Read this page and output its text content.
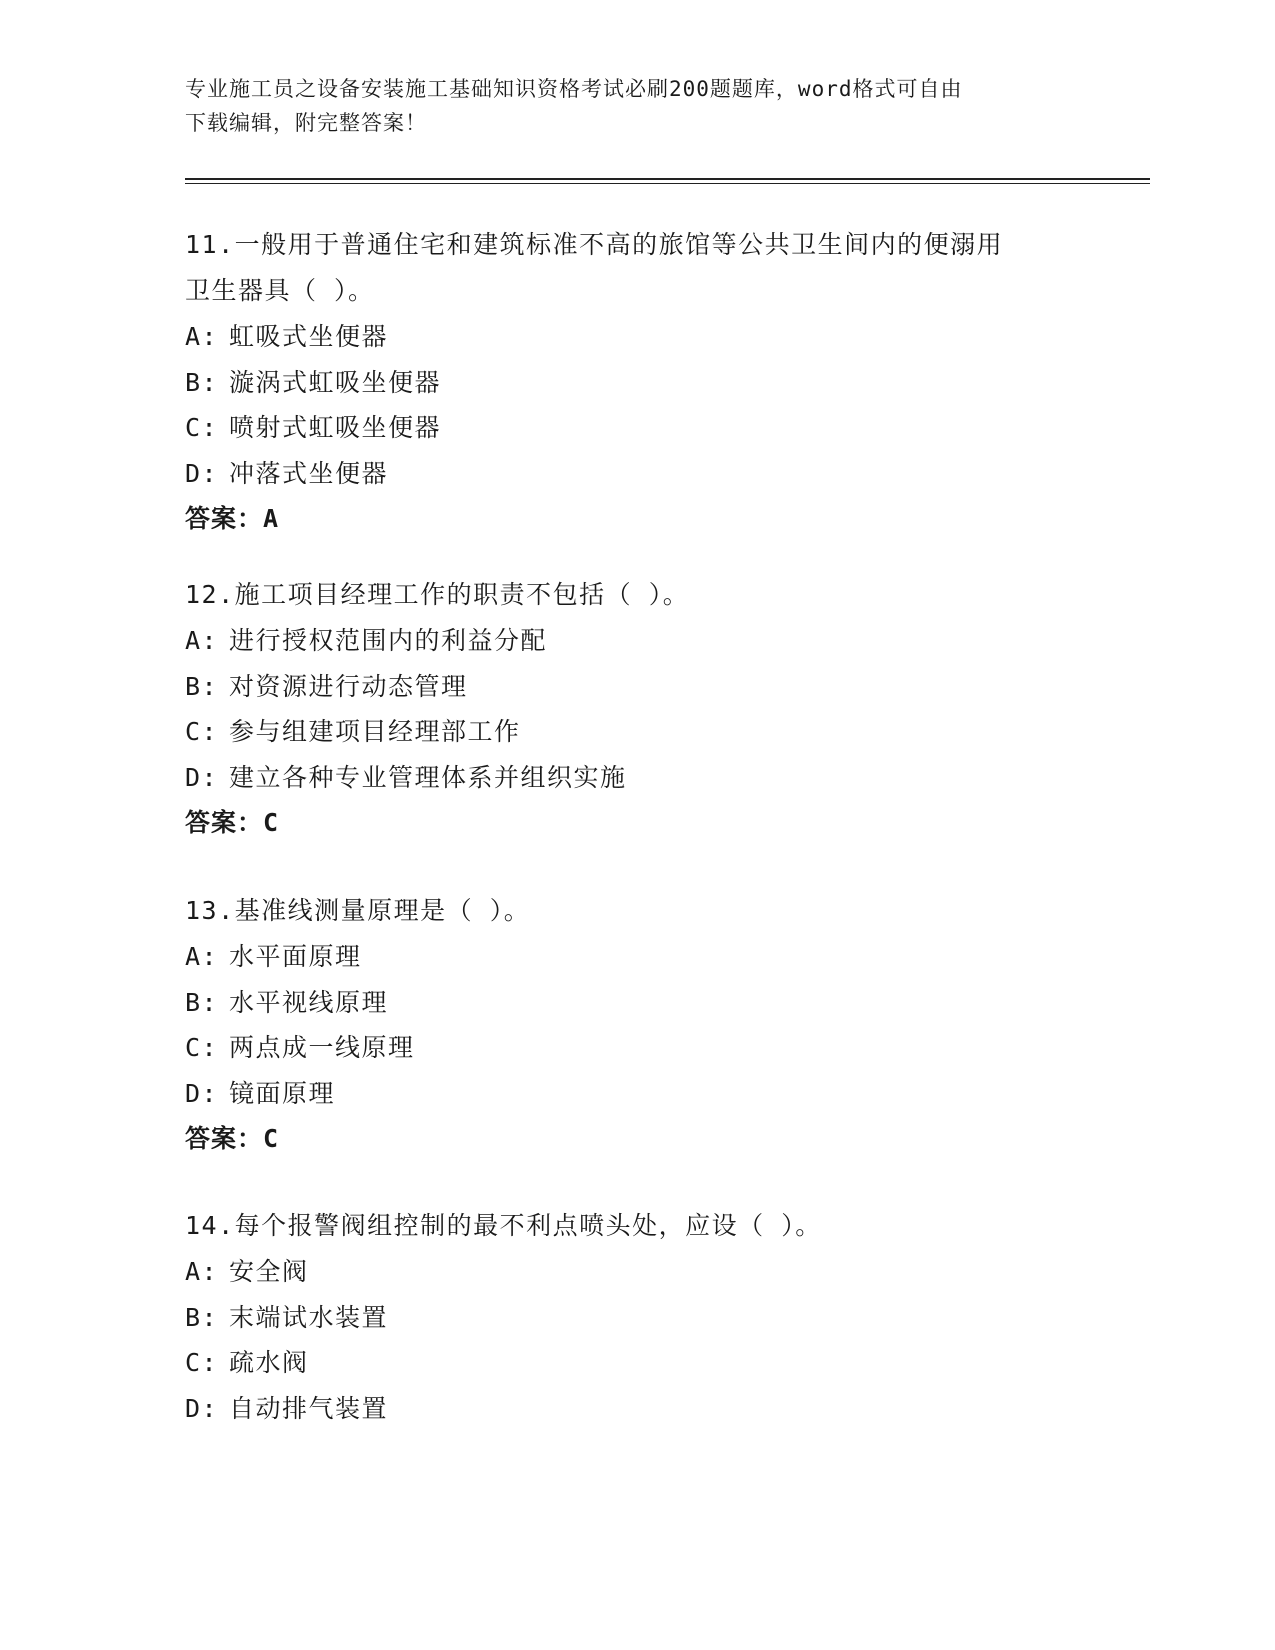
专业施工员之设备安装施工基础知识资格考试必刷200题题库，word格式可自由
下载编辑，附完整答案！

11.一般用于普通住宅和建筑标准不高的旅馆等公共卫生间内的便溺用

卫生器具（ ）。

A: 虹吸式坐便器

B: 漩涡式虹吸坐便器

C: 喷射式虹吸坐便器

D: 冲落式坐便器

答案：A

12.施工项目经理工作的职责不包括（ ）。

A: 进行授权范围内的利益分配

B: 对资源进行动态管理

C: 参与组建项目经理部工作

D: 建立各种专业管理体系并组织实施

答案：C

13.基准线测量原理是（ ）。

A: 水平面原理

B: 水平视线原理

C: 两点成一线原理

D: 镜面原理

答案：C

14.每个报警阀组控制的最不利点喷头处，应设（ ）。

A: 安全阀

B: 末端试水装置

C: 疏水阀

D: 自动排气装置
